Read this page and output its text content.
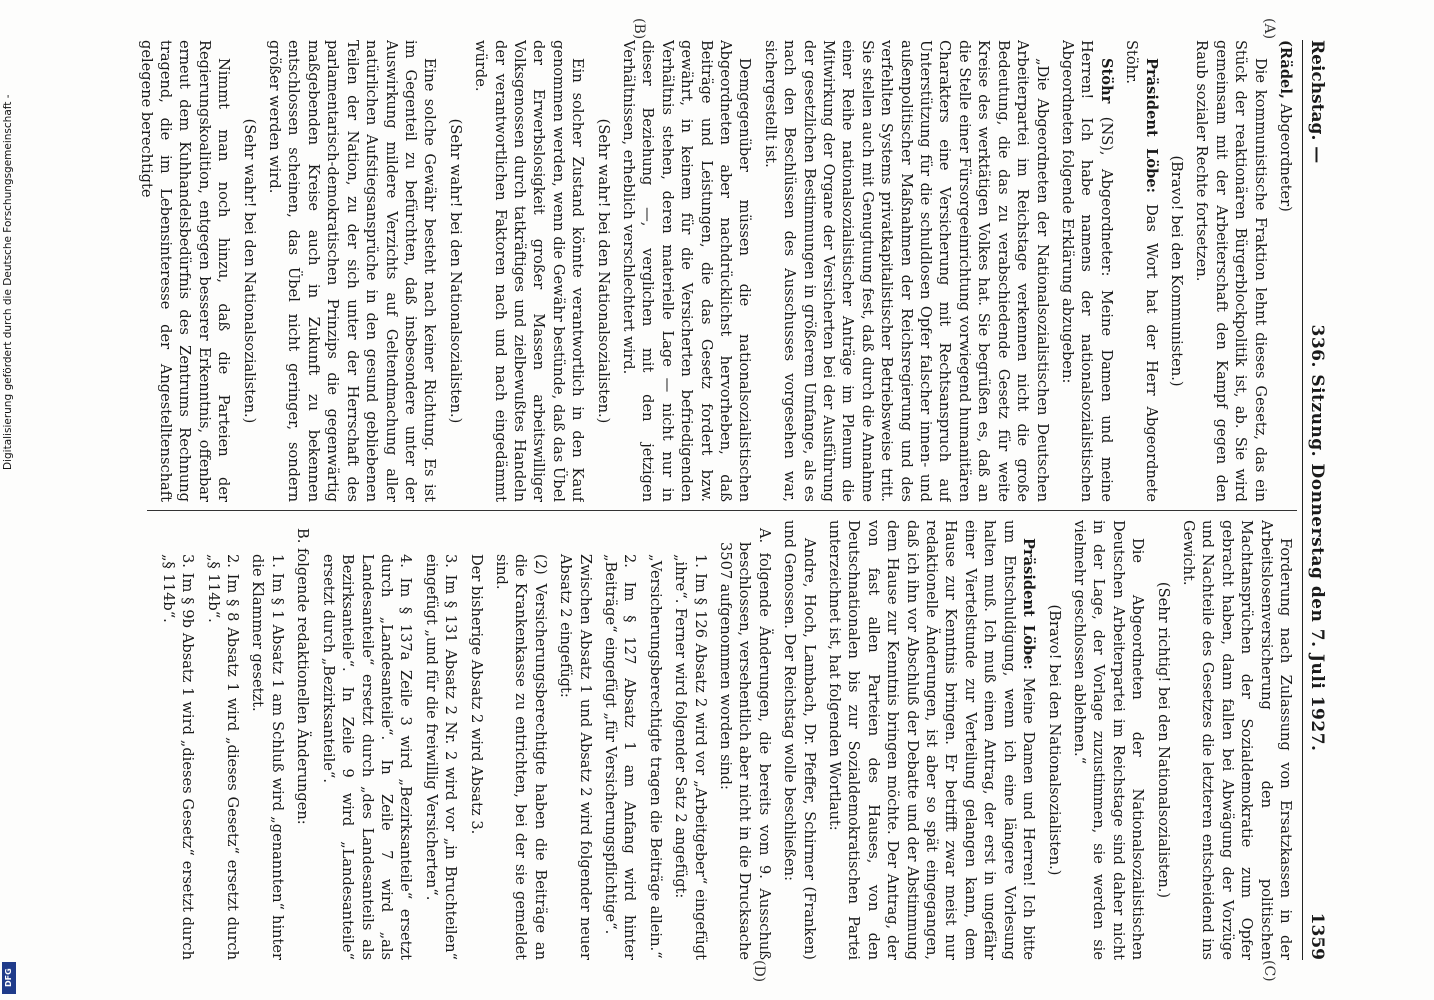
Reichstag. —
336. Sitzung. Donnerstag den 7. Juli 1927.
1359

(Rädel, Abgeordneter)

Die kommunistische Fraktion lehnt dieses Gesetz, das ein Stück der reaktionären Bürgerblockpolitik ist, ab. Sie wird gemeinsam mit der Arbeiterschaft den Kampf gegen den Raub sozialer Rechte fortsetzen.

(Bravo! bei den Kommunisten.)

Präsident Löbe: Das Wort hat der Herr Abgeordnete Stöhr.

Stöhr (NS), Abgeordneter: Meine Damen und meine Herren! Ich habe namens der nationalsozialistischen Abgeordneten folgende Erklärung abzugeben:

„Die Abgeordneten der Nationalsozialistischen Deutschen Arbeiterpartei im Reichstage verkennen nicht die große Bedeutung, die das zu verabschiedende Gesetz für weite Kreise des werktätigen Volkes hat. Sie begrüßen es, daß an die Stelle einer Fürsorgeeinrichtung vorwiegend humanitären Charakters eine Versicherung mit Rechtsanspruch auf Unterstützung für die schuldlosen Opfer falscher innen- und außenpolitischer Maßnahmen der Reichsregierung und des verfehlten Systems privatkapitalistischer Betriebsweise tritt. Sie stellen auch mit Genugtuung fest, daß durch die Annahme einer Reihe nationalsozialistischer Anträge im Plenum die Mitwirkung der Organe der Versicherten bei der Ausführung der gesetzlichen Bestimmungen in größerem Umfange, als es nach den Beschlüssen des Ausschusses vorgesehen war, sichergestellt ist.

Demgegenüber müssen die nationalsozialistischen Abgeordneten aber nachdrücklichst hervorheben, daß Beiträge und Leistungen, die das Gesetz fordert bzw. gewährt, in keinem für die Versicherten befriedigenden Verhältnis stehen, deren materielle Lage — nicht nur in dieser Beziehung —, verglichen mit den jetzigen Verhältnissen, erheblich verschlechtert wird.

(Sehr wahr! bei den Nationalsozialisten.)

Ein solcher Zustand könnte verantwortlich in den Kauf genommen werden, wenn die Gewähr bestünde, daß das Übel der Erwerbslosigkeit großer Massen arbeitswilliger Volksgenossen durch tatkräftiges und zielbewußtes Handeln der verantwortlichen Faktoren nach und nach eingedämmt würde.

(Sehr wahr! bei den Nationalsozialisten.)

Eine solche Gewähr besteht nach keiner Richtung. Es ist im Gegenteil zu befürchten, daß insbesondere unter der Auswirkung mildere Verzichts auf Geltendmachung aller natürlichen Aufstiegsansprüche in den gesund gebliebenen Teilen der Nation, zu der sich unter der Herrschaft des parlamentarisch-demokratischen Prinzips die gegenwärtig maßgebenden Kreise auch in Zukunft zu bekennen entschlossen scheinen, das Übel nicht geringer, sondern größer werden wird.

(Sehr wahr! bei den Nationalsozialisten.)

Nimmt man noch hinzu, daß die Parteien der Regierungskoalition, entgegen besserer Erkenntnis, offenbar erneut dem Kuhhandelsbedürfnis des Zentrums Rechnung tragend, die im Lebensinteresse der Angestelltenschaft gelegene berechtigte

Forderung nach Zulassung von Ersatzkassen in der Arbeitslosenversicherung den politischen Machtansprüchen der Sozialdemokratie zum Opfer gebracht haben, dann fallen bei Abwägung der Vorzüge und Nachteile des Gesetzes die letzteren entscheidend ins Gewicht.

(Sehr richtig! bei den Nationalsozialisten.)

Die Abgeordneten der Nationalsozialistischen Deutschen Arbeiterpartei im Reichstage sind daher nicht in der Lage, der Vorlage zuzustimmen, sie werden sie vielmehr geschlossen ablehnen.“

(Bravo! bei den Nationalsozialisten.)

Präsident Löbe: Meine Damen und Herren! Ich bitte um Entschuldigung, wenn ich eine längere Vorlesung halten muß. Ich muß einen Antrag, der erst in ungefähr einer Viertelstunde zur Verteilung gelangen kann, dem Hause zur Kenntnis bringen. Er betrifft zwar meist nur redaktionelle Änderungen, ist aber so spät eingegangen, daß ich ihn vor Abschluß der Debatte und der Abstimmung dem Hause zur Kenntnis bringen möchte. Der Antrag, der von fast allen Parteien des Hauses, von den Deutschnationalen bis zur Sozialdemokratischen Partei unterzeichnet ist, hat folgenden Wortlaut:

Andre, Hoch, Lambach, Dr. Pfeffer, Schirmer (Franken) und Genossen. Der Reichstag wolle beschließen:

A. folgende Änderungen, die bereits vom 9. Ausschuß beschlossen, versehentlich aber nicht in die Drucksache 3507 aufgenommen worden sind:

1. Im § 126 Absatz 2 wird vor „Arbeitgeber“ eingefügt „ihre“. Ferner wird folgender Satz 2 angefügt:

„Versicherungsberechtigte tragen die Beiträge allein.“

2. Im § 127 Absatz 1 am Anfang wird hinter „Beiträge“ eingefügt „für Versicherungspflichtige“.

Zwischen Absatz 1 und Absatz 2 wird folgender neuer Absatz 2 eingefügt:

(2) Versicherungsberechtigte haben die Beiträge an die Krankenkasse zu entrichten, bei der sie gemeldet sind.

Der bisherige Absatz 2 wird Absatz 3.

3. Im § 131 Absatz 2 Nr. 2 wird vor „in Bruchteilen“ eingefügt „und für die freiwillig Versicherten“.

4. Im § 137a Zeile 3 wird „Bezirksanteile“ ersetzt durch „Landesanteile“. In Zeile 7 wird „als Landesanteile“ ersetzt durch „des Landesanteils als Bezirksanteile“. In Zeile 9 wird „Landesanteile“ ersetzt durch „Bezirksanteile“.

B. folgende redaktionellen Änderungen:

1. Im § 1 Absatz 1 am Schluß wird „genannten“ hinter die Klammer gesetzt.

2. Im § 8 Absatz 1 wird „dieses Gesetz“ ersetzt durch „§ 114b“.

3. Im § 9b Absatz 1 wird „dieses Gesetz“ ersetzt durch „§ 114b“.

(A)
(B)
(C)
(D)
Digitalisierung gefördert durch die Deutsche Forschungsgemeinschaft -
DFG
